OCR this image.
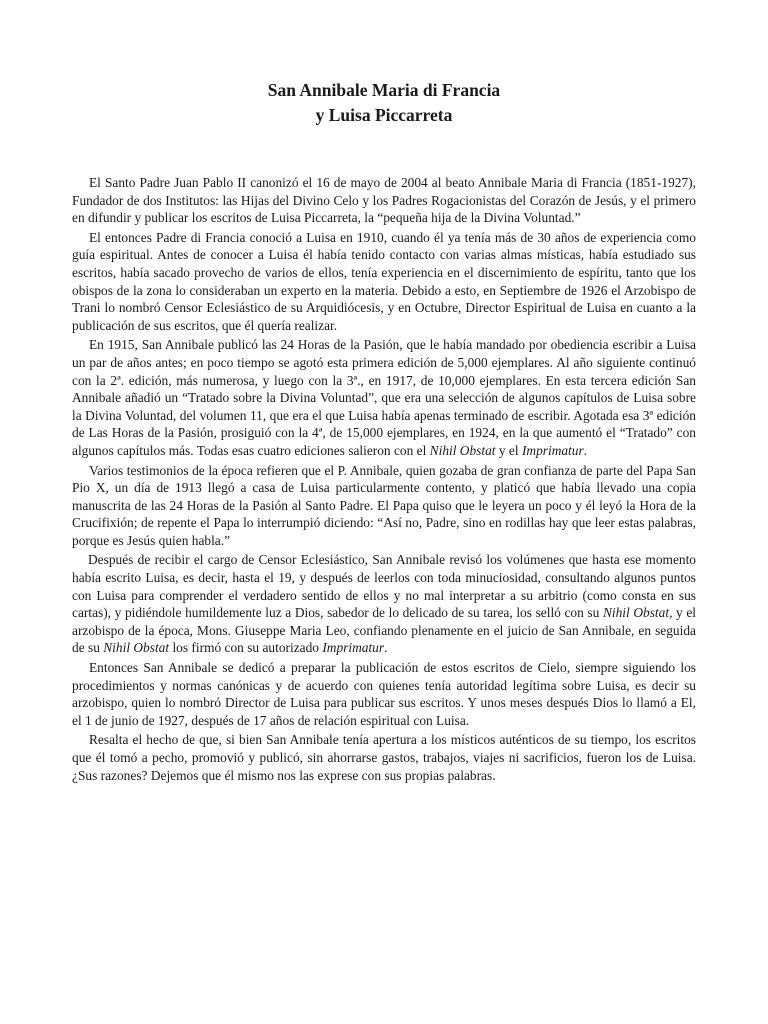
San Annibale Maria di Francia
y Luisa Piccarreta

El Santo Padre Juan Pablo II canonizó el 16 de mayo de 2004 al beato Annibale Maria di Francia (1851-1927), Fundador de dos Institutos: las Hijas del Divino Celo y los Padres Rogacionistas del Corazón de Jesús, y el primero en difundir y publicar los escritos de Luisa Piccarreta, la “pequeña hija de la Divina Voluntad.”

El entonces Padre di Francia conoció a Luisa en 1910, cuando él ya tenía más de 30 años de experiencia como guía espiritual. Antes de conocer a Luisa él había tenido contacto con varias almas místicas, había estudiado sus escritos, había sacado provecho de varios de ellos, tenía experiencia en el discernimiento de espíritu, tanto que los obispos de la zona lo consideraban un experto en la materia. Debido a esto, en Septiembre de 1926 el Arzobispo de Trani lo nombró Censor Eclesiástico de su Arquidiócesis, y en Octubre, Director Espiritual de Luisa en cuanto a la publicación de sus escritos, que él quería realizar.

En 1915, San Annibale publicó las 24 Horas de la Pasión, que le había mandado por obediencia escribir a Luisa un par de años antes; en poco tiempo se agotó esta primera edición de 5,000 ejemplares. Al año siguiente continuó con la 2ª. edición, más numerosa, y luego con la 3ª., en 1917, de 10,000 ejemplares. En esta tercera edición San Annibale añadió un “Tratado sobre la Divina Voluntad”, que era una selección de algunos capítulos de Luisa sobre la Divina Voluntad, del volumen 11, que era el que Luisa había apenas terminado de escribir. Agotada esa 3ª edición de Las Horas de la Pasión, prosiguió con la 4ª, de 15,000 ejemplares, en 1924, en la que aumentó el “Tratado” con algunos capítulos más. Todas esas cuatro ediciones salieron con el Nihil Obstat y el Imprimatur.

Varios testimonios de la época refieren que el P. Annibale, quien gozaba de gran confianza de parte del Papa San Pio X, un día de 1913 llegó a casa de Luisa particularmente contento, y platicó que había llevado una copia manuscrita de las 24 Horas de la Pasión al Santo Padre. El Papa quiso que le leyera un poco y él leyó la Hora de la Crucifixión; de repente el Papa lo interrumpió diciendo: “Así no, Padre, sino en rodillas hay que leer estas palabras, porque es Jesús quien habla.”

Después de recibir el cargo de Censor Eclesiástico, San Annibale revisó los volúmenes que hasta ese momento había escrito Luisa, es decir, hasta el 19, y después de leerlos con toda minuciosidad, consultando algunos puntos con Luisa para comprender el verdadero sentido de ellos y no mal interpretar a su arbitrio (como consta en sus cartas), y pidiéndole humildemente luz a Dios, sabedor de lo delicado de su tarea, los selló con su Nihil Obstat, y el arzobispo de la época, Mons. Giuseppe Maria Leo, confiando plenamente en el juicio de San Annibale, en seguida de su Nihil Obstat los firmó con su autorizado Imprimatur.

Entonces San Annibale se dedicó a preparar la publicación de estos escritos de Cielo, siempre siguiendo los procedimientos y normas canónicas y de acuerdo con quienes tenía autoridad legítima sobre Luisa, es decir su arzobispo, quien lo nombró Director de Luisa para publicar sus escritos. Y unos meses después Dios lo llamó a El, el 1 de junio de 1927, después de 17 años de relación espiritual con Luisa.

Resalta el hecho de que, si bien San Annibale tenía apertura a los místicos auténticos de su tiempo, los escritos que él tomó a pecho, promovió y publicó, sin ahorrarse gastos, trabajos, viajes ni sacrificios, fueron los de Luisa. ¿Sus razones? Dejemos que él mismo nos las exprese con sus propias palabras.
